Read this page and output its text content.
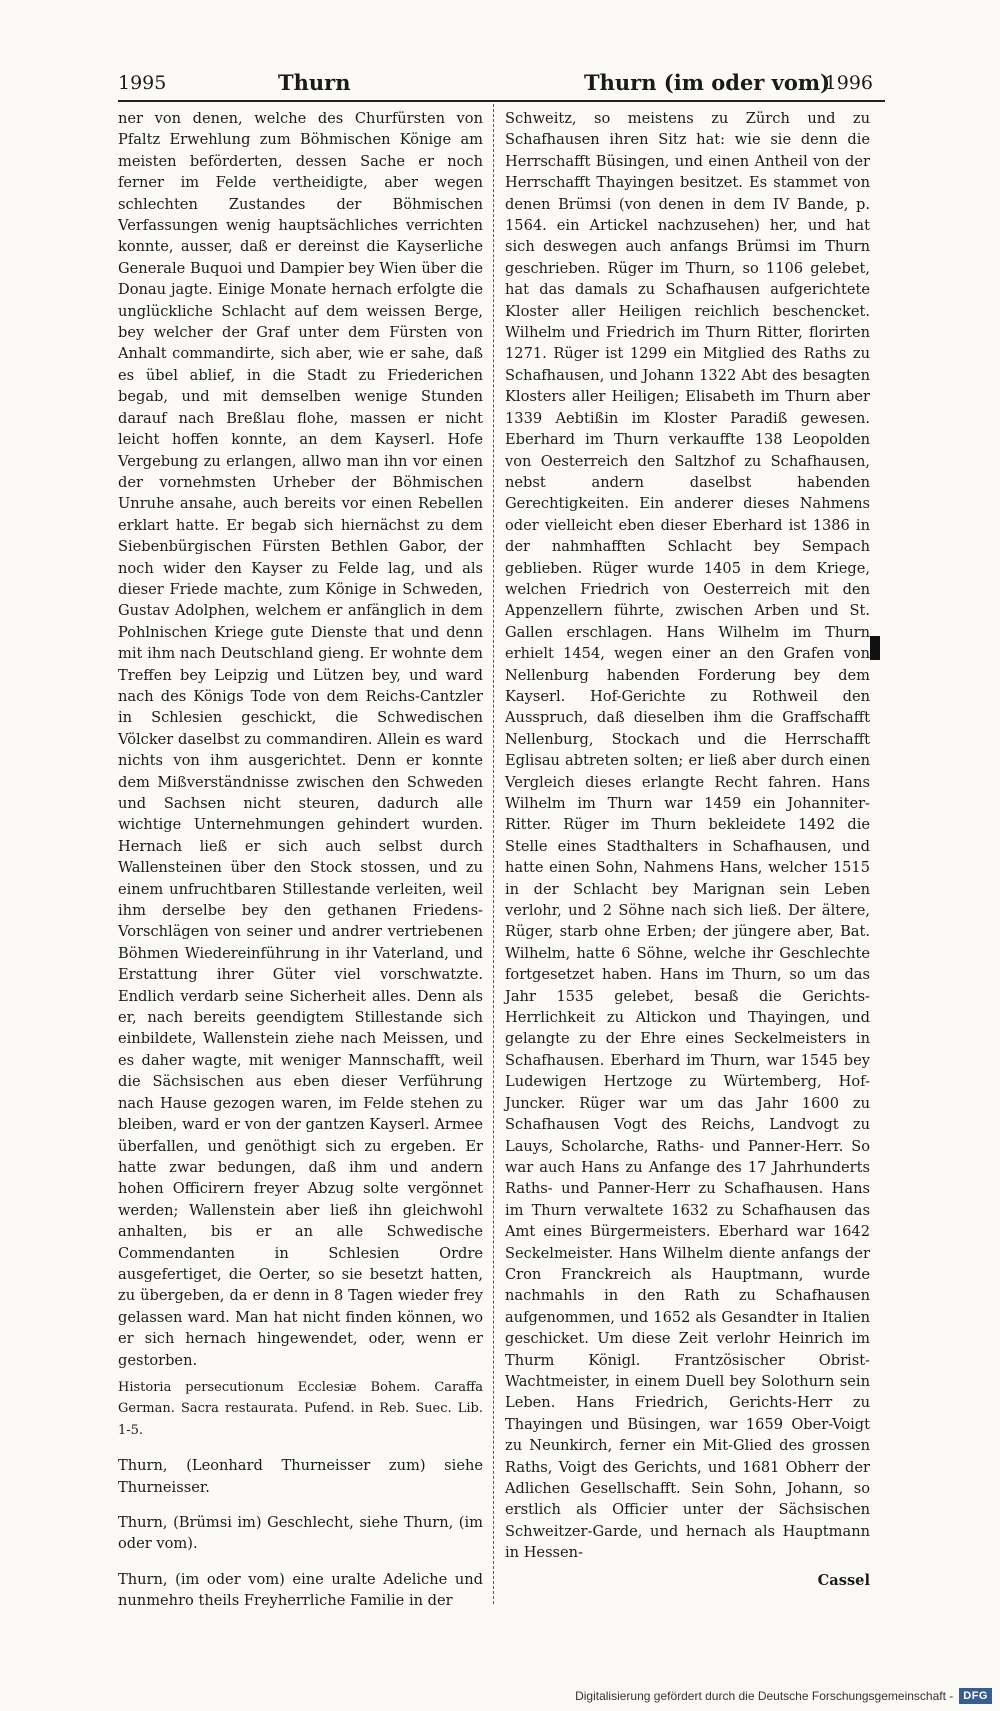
1995	Thurn	Thurn (im oder vom)
1996

ner von denen, welche des Churfürsten von Pfaltz Erwehlung zum Böhmischen Könige am meisten beförderten, dessen Sache er noch ferner im Felde vertheidigte, aber wegen schlechten Zustandes der Böhmischen Verfassungen wenig hauptsächliches verrichten konnte, ausser, daß er dereinst die Kayserliche Generale Buquoi und Dampier bey Wien über die Donau jagte. Einige Monate hernach erfolgte die unglückliche Schlacht auf dem weissen Berge, bey welcher der Graf unter dem Fürsten von Anhalt commandirte, sich aber, wie er sahe, daß es übel ablief, in die Stadt zu Friederichen begab, und mit demselben wenige Stunden darauf nach Breßlau flohe, massen er nicht leicht hoffen konnte, an dem Kayserl. Hofe Vergebung zu erlangen, allwo man ihn vor einen der vornehmsten Urheber der Böhmischen Unruhe ansahe, auch bereits vor einen Rebellen erklart hatte. Er begab sich hiernächst zu dem Siebenbürgischen Fürsten Bethlen Gabor, der noch wider den Kayser zu Felde lag, und als dieser Friede machte, zum Könige in Schweden, Gustav Adolphen, welchem er anfänglich in dem Pohlnischen Kriege gute Dienste that und denn mit ihm nach Deutschland gieng. Er wohnte dem Treffen bey Leipzig und Lützen bey, und ward nach des Königs Tode von dem Reichs-Cantzler in Schlesien geschickt, die Schwedischen Völcker daselbst zu commandiren. Allein es ward nichts von ihm ausgerichtet. Denn er konnte dem Mißverständnisse zwischen den Schweden und Sachsen nicht steuren, dadurch alle wichtige Unternehmungen gehindert wurden. Hernach ließ er sich auch selbst durch Wallensteinen über den Stock stossen, und zu einem unfruchtbaren Stillestande verleiten, weil ihm derselbe bey den gethanen Friedens-Vorschlägen von seiner und andrer vertriebenen Böhmen Wiedereinführung in ihr Vaterland, und Erstattung ihrer Güter viel vorschwatzte. Endlich verdarb seine Sicherheit alles. Denn als er, nach bereits geendigtem Stillestande sich einbildete, Wallenstein ziehe nach Meissen, und es daher wagte, mit weniger Mannschafft, weil die Sächsischen aus eben dieser Verführung nach Hause gezogen waren, im Felde stehen zu bleiben, ward er von der gantzen Kayserl. Armee überfallen, und genöthigt sich zu ergeben. Er hatte zwar bedungen, daß ihm und andern hohen Officirern freyer Abzug solte vergönnet werden; Wallenstein aber ließ ihn gleichwohl anhalten, bis er an alle Schwedische Commendanten in Schlesien Ordre ausgefertiget, die Oerter, so sie besetzt hatten, zu übergeben, da er denn in 8 Tagen wieder frey gelassen ward. Man hat nicht finden können, wo er sich hernach hingewendet, oder, wenn er gestorben.

Historia persecutionum Ecclesiæ Bohem. Caraffa German. Sacra restaurata. Pufend. in Reb. Suec. Lib. 1-5.

Thurn, (Leonhard Thurneisser zum) siehe Thurneisser.

Thurn, (Brümsi im) Geschlecht, siehe Thurn, (im oder vom).

Thurn, (im oder vom) eine uralte Adeliche und nunmehro theils Freyherrliche Familie in der

Schweitz, so meistens zu Zürch und zu Schafhausen ihren Sitz hat: wie sie denn die Herrschafft Büsingen, und einen Antheil von der Herrschafft Thayingen besitzet. Es stammet von denen Brümsi (von denen in dem IV Bande, p. 1564. ein Artickel nachzusehen) her, und hat sich deswegen auch anfangs Brümsi im Thurn geschrieben. Rüger im Thurn, so 1106 gelebet, hat das damals zu Schafhausen aufgerichtete Kloster aller Heiligen reichlich beschencket. Wilhelm und Friedrich im Thurn Ritter, florirten 1271. Rüger ist 1299 ein Mitglied des Raths zu Schafhausen, und Johann 1322 Abt des besagten Klosters aller Heiligen; Elisabeth im Thurn aber 1339 Aebtißin im Kloster Paradiß gewesen. Eberhard im Thurn verkauffte 138 Leopolden von Oesterreich den Saltzhof zu Schafhausen, nebst andern daselbst habenden Gerechtigkeiten. Ein anderer dieses Nahmens oder vielleicht eben dieser Eberhard ist 1386 in der nahmhafften Schlacht bey Sempach geblieben. Rüger wurde 1405 in dem Kriege, welchen Friedrich von Oesterreich mit den Appenzellern führte, zwischen Arben und St. Gallen erschlagen. Hans Wilhelm im Thurn erhielt 1454, wegen einer an den Grafen von Nellenburg habenden Forderung bey dem Kayserl. Hof-Gerichte zu Rothweil den Ausspruch, daß dieselben ihm die Graffschafft Nellenburg, Stockach und die Herrschafft Eglisau abtreten solten; er ließ aber durch einen Vergleich dieses erlangte Recht fahren. Hans Wilhelm im Thurn war 1459 ein Johanniter-Ritter. Rüger im Thurn bekleidete 1492 die Stelle eines Stadthalters in Schafhausen, und hatte einen Sohn, Nahmens Hans, welcher 1515 in der Schlacht bey Marignan sein Leben verlohr, und 2 Söhne nach sich ließ. Der ältere, Rüger, starb ohne Erben; der jüngere aber, Bat. Wilhelm, hatte 6 Söhne, welche ihr Geschlechte fortgesetzet haben. Hans im Thurn, so um das Jahr 1535 gelebet, besaß die Gerichts-Herrlichkeit zu Altickon und Thayingen, und gelangte zu der Ehre eines Seckelmeisters in Schafhausen. Eberhard im Thurn, war 1545 bey Ludewigen Hertzoge zu Würtemberg, Hof-Juncker. Rüger war um das Jahr 1600 zu Schafhausen Vogt des Reichs, Landvogt zu Lauys, Scholarche, Raths- und Panner-Herr. So war auch Hans zu Anfange des 17 Jahrhunderts Raths- und Panner-Herr zu Schafhausen. Hans im Thurn verwaltete 1632 zu Schafhausen das Amt eines Bürgermeisters. Eberhard war 1642 Seckelmeister. Hans Wilhelm diente anfangs der Cron Franckreich als Hauptmann, wurde nachmahls in den Rath zu Schafhausen aufgenommen, und 1652 als Gesandter in Italien geschicket. Um diese Zeit verlohr Heinrich im Thurm Königl. Frantzösischer Obrist-Wachtmeister, in einem Duell bey Solothurn sein Leben. Hans Friedrich, Gerichts-Herr zu Thayingen und Büsingen, war 1659 Ober-Voigt zu Neunkirch, ferner ein Mit-Glied des grossen Raths, Voigt des Gerichts, und 1681 Obherr der Adlichen Gesellschafft. Sein Sohn, Johann, so erstlich als Officier unter der Sächsischen Schweitzer-Garde, und hernach als Hauptmann in Hessen-

Cassel

Digitalisierung gefördert durch die Deutsche Forschungsgemeinschaft - DFG
